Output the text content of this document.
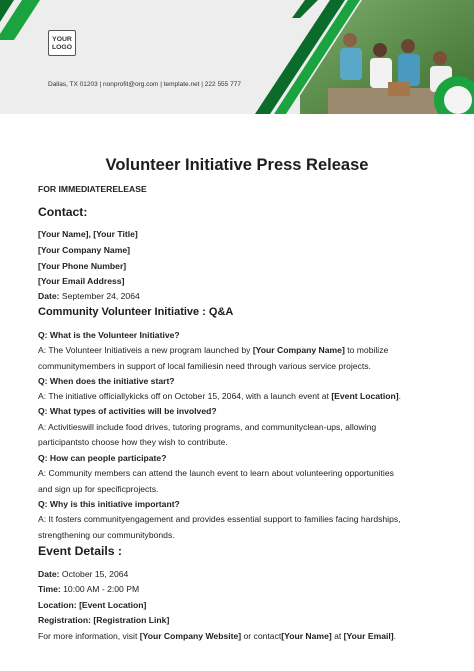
YOUR
LOGO
Dallas, TX 01203 | nonprofit@org.com | template.net | 222 555 777
Volunteer Initiative Press Release
FOR IMMEDIATERELEASE
Contact:
[Your Name], [Your Title]
[Your Company Name]
[Your Phone Number]
[Your Email Address]
Date: September 24, 2064
Community Volunteer Initiative : Q&A
Q: What is the Volunteer Initiative?
A: The Volunteer Initiativeis a new program launched by [Your Company Name] to mobilize
communitymembers in support of local familiesin need through various service projects.
Q: When does the initiative start?
A: The initiative officiallykicks off on October 15, 2064, with a launch event at [Event Location].
Q: What types of activities will be involved?
A: Activitieswill include food drives, tutoring programs, and communityclean-ups, allowing
participantsto choose how they wish to contribute.
Q: How can people participate?
A: Community members can attend the launch event to learn about volunteering opportunities
and sign up for specificprojects.
Q: Why is this initiative important?
A: It fosters communityengagement and provides essential support to families facing hardships,
strengthening our communitybonds.
Event Details :
Date: October 15, 2064
Time: 10:00 AM - 2:00 PM
Location: [Event Location]
Registration: [Registration Link]
For more information, visit [Your Company Website] or contact[Your Name] at [Your Email].
